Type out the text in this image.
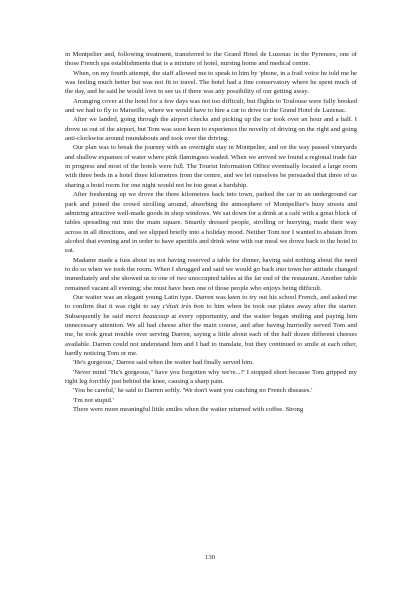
in Montpelier and, following treatment, transferred to the Grand Hotel de Luzenac in the Pyrenees, one of those French spa establishments that is a mixture of hotel, nursing home and medical centre.

When, on my fourth attempt, the staff allowed me to speak to him by 'phone, in a frail voice he told me he was feeling much better but was not fit to travel. The hotel had a fine conservatory where he spent much of the day, and he said he would love to see us if there was any possibility of our getting away.

Arranging cover at the hotel for a few days was not too difficult, but flights to Toulouse were fully booked and we had to fly to Marseille, where we would have to hire a car to drive to the Grand Hotel de Luzenac.

After we landed, going through the airport checks and picking up the car took over an hour and a half. I drove us out of the airport, but Tom was soon keen to experience the novelty of driving on the right and going anti-clockwise around roundabouts and took over the driving.

Our plan was to break the journey with an overnight stay in Montpelier, and on the way passed vineyards and shallow expanses of water where pink flamingoes waded. When we arrived we found a regional trade fair in progress and most of the hotels were full. The Tourist Information Office eventually located a large room with three beds in a hotel three kilometres from the centre, and we let ourselves be persuaded that three of us sharing a hotel room for one night would not be too great a hardship.

After freshening up we drove the three kilometres back into town, parked the car in an underground car park and joined the crowd strolling around, absorbing the atmosphere of Montpellier's busy streets and admiring attractive well-made goods in shop windows. We sat down for a drink at a café with a great block of tables spreading out into the main square. Smartly dressed people, strolling or hurrying, made their way across in all directions, and we slipped briefly into a holiday mood. Neither Tom nor I wanted to abstain from alcohol that evening and in order to have aperitifs and drink wine with our meal we drove back to the hotel to eat.

Madame made a fuss about us not having reserved a table for dinner, having said nothing about the need to do so when we took the room. When I shrugged and said we would go back into town her attitude changed immediately and she showed us to one of two unoccupied tables at the far end of the restaurant. Another table remained vacant all evening; she must have been one of those people who enjoys being difficult.

Our waiter was an elegant young Latin type. Darren was keen to try out his school French, and asked me to confirm that it was right to say c'était très bon to him when he took our plates away after the starter. Subsequently he said merci beaucoup at every opportunity, and the waiter began smiling and paying him unnecessary attention. We all had cheese after the main course, and after having hurriedly served Tom and me, he took great trouble over serving Darren, saying a little about each of the half dozen different cheeses available. Darren could not understand him and I had to translate, but they continued to smile at each other, hardly noticing Tom or me.

'He's gorgeous,' Darren said when the waiter had finally served him.

'Never mind "He's gorgeous," have you forgotten why we're...?' I stopped short because Tom gripped my right leg forcibly just behind the knee, causing a sharp pain.

'You be careful,' he said to Darren softly. 'We don't want you catching no French diseases.'

'I'm not stupid.'

There were more meaningful little smiles when the waiter returned with coffee. Strong

130
